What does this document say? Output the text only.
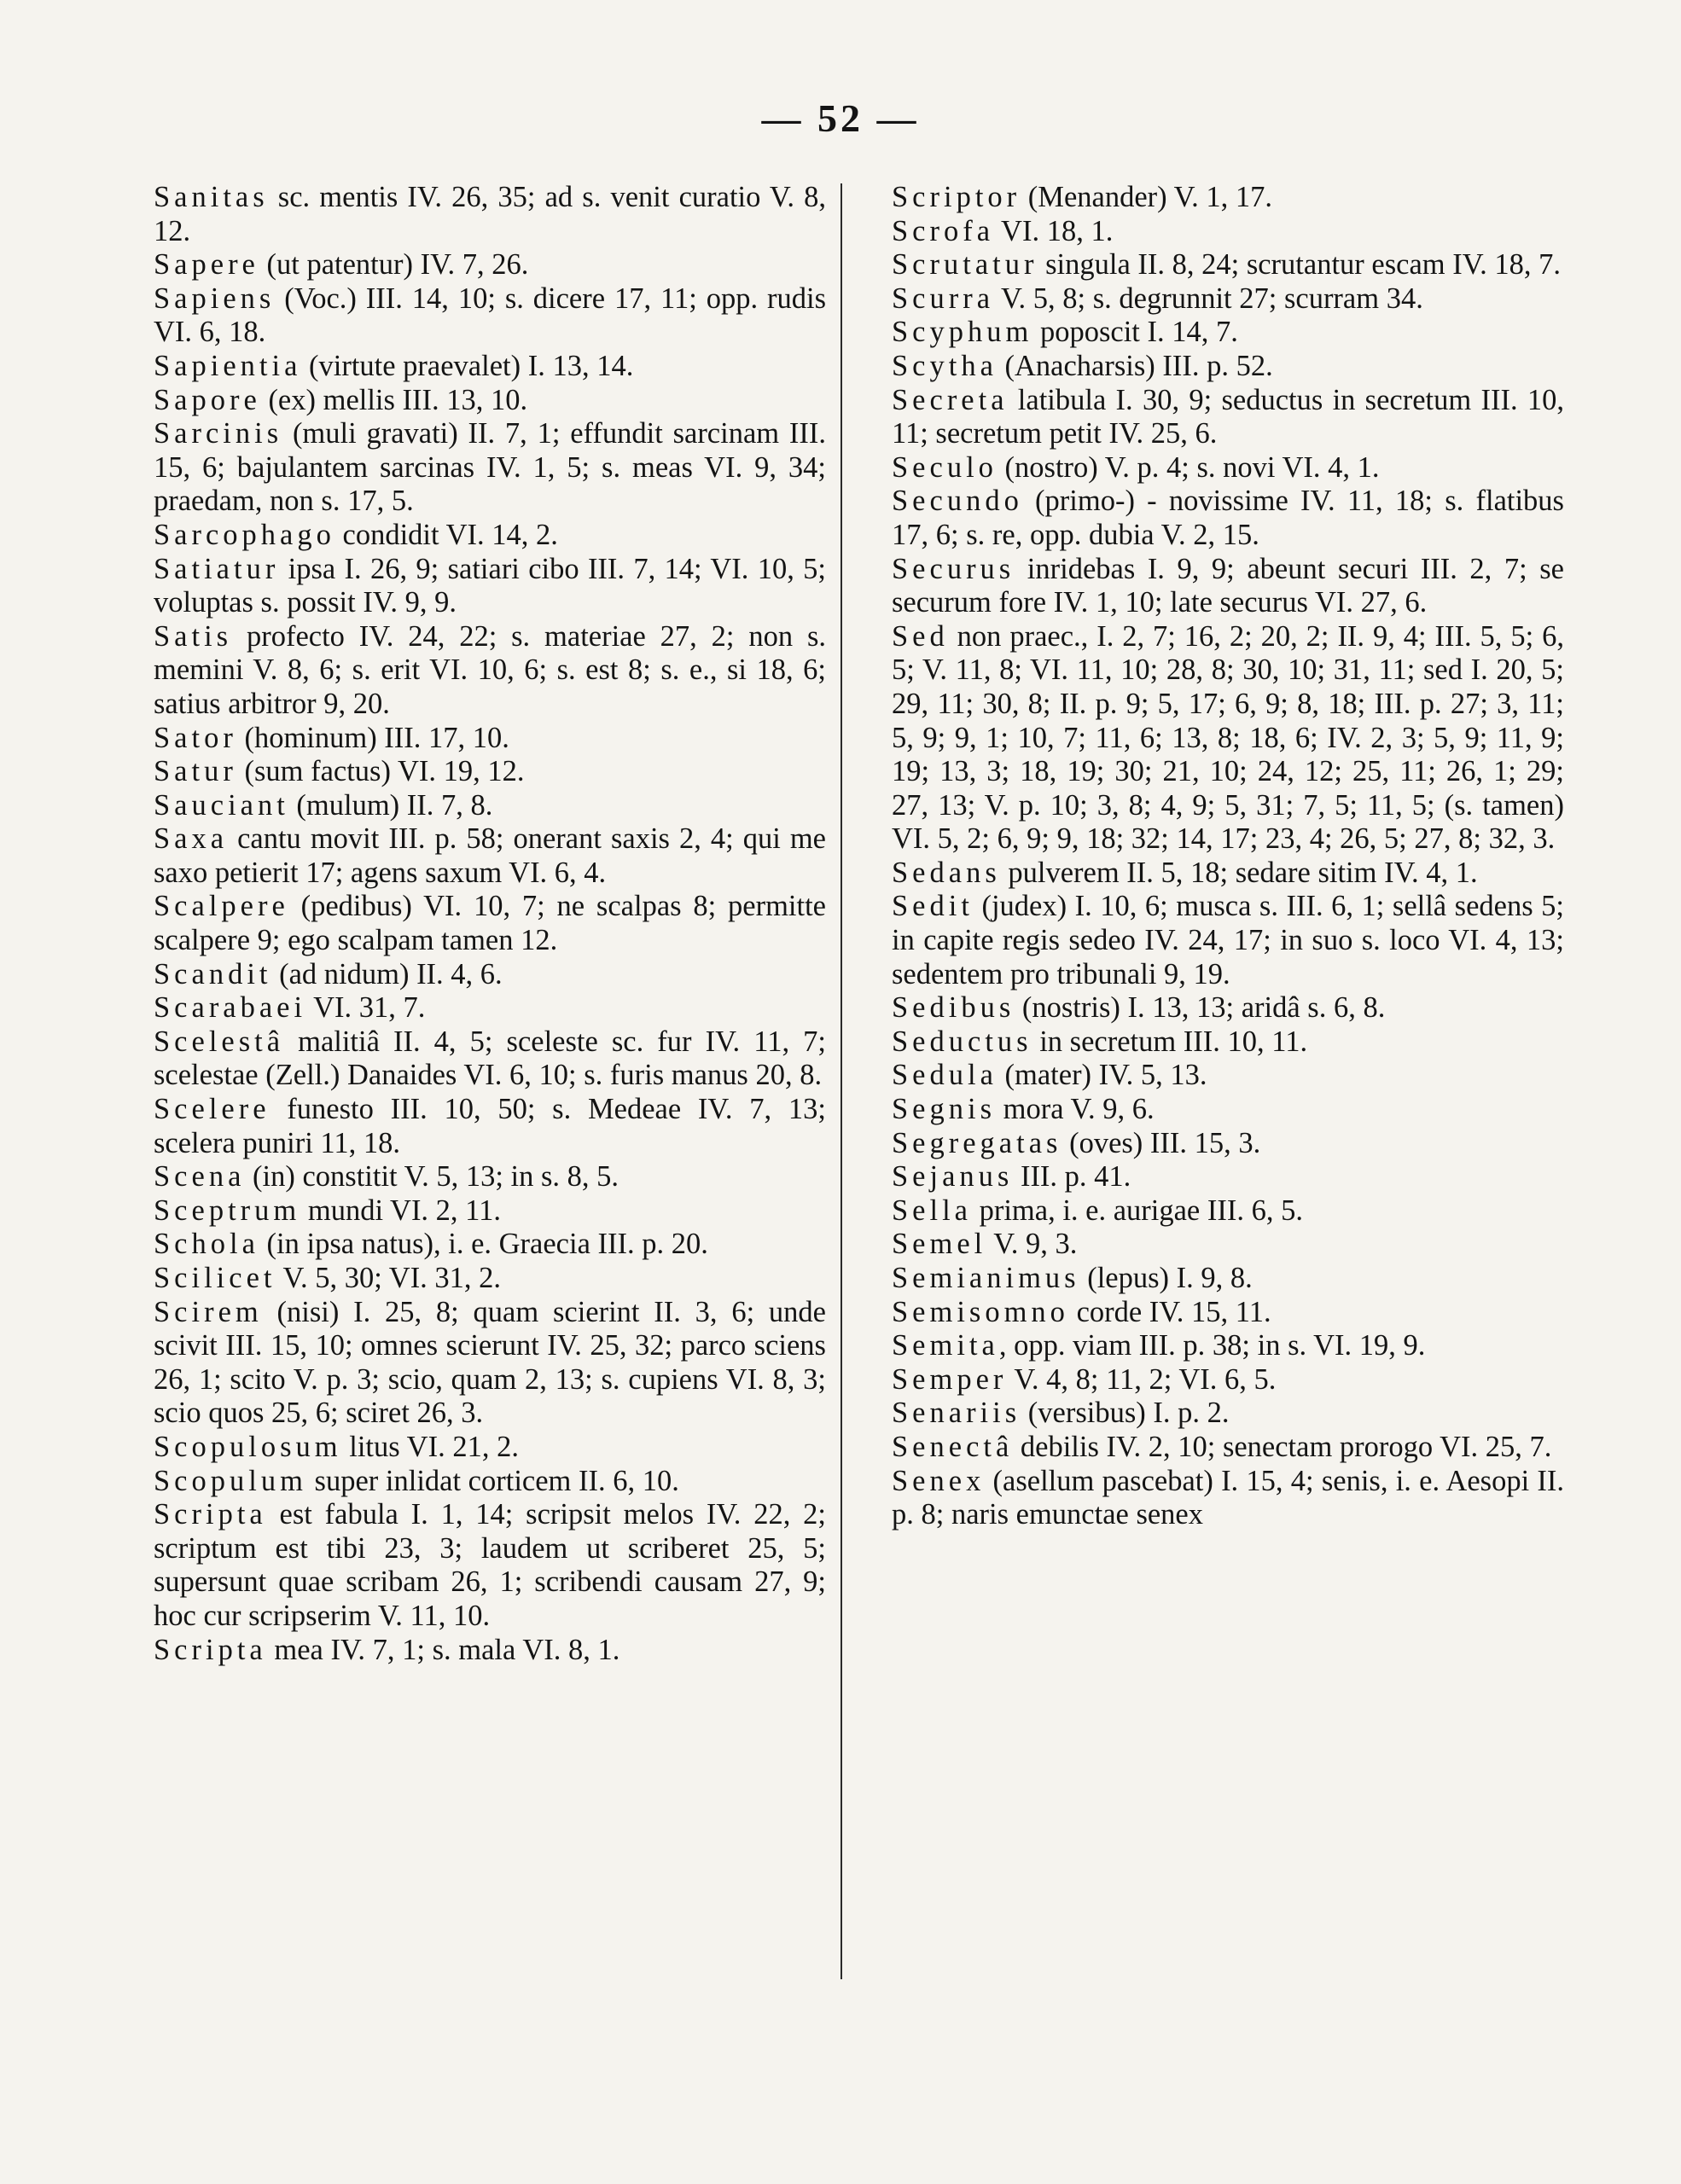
— 52 —

Sanitas sc. mentis IV. 26, 35; ad s. venit curatio V. 8, 12.

Sapere (ut patentur) IV. 7, 26.

Sapiens (Voc.) III. 14, 10; s. dicere 17, 11; opp. rudis VI. 6, 18.

Sapientia (virtute praevalet) I. 13, 14.

Sapore (ex) mellis III. 13, 10.

Sarcinis (muli gravati) II. 7, 1; effundit sarcinam III. 15, 6; bajulantem sarcinas IV. 1, 5; s. meas VI. 9, 34; praedam, non s. 17, 5.

Sarcophago condidit VI. 14, 2.

Satiatur ipsa I. 26, 9; satiari cibo III. 7, 14; VI. 10, 5; voluptas s. possit IV. 9, 9.

Satis profecto IV. 24, 22; s. materiae 27, 2; non s. memini V. 8, 6; s. erit VI. 10, 6; s. est 8; s. e., si 18, 6; satius arbitror 9, 20.

Sator (hominum) III. 17, 10.

Satur (sum factus) VI. 19, 12.

Sauciant (mulum) II. 7, 8.

Saxa cantu movit III. p. 58; onerant saxis 2, 4; qui me saxo petierit 17; agens saxum VI. 6, 4.

Scalpere (pedibus) VI. 10, 7; ne scalpas 8; permitte scalpere 9; ego scalpam tamen 12.

Scandit (ad nidum) II. 4, 6.

Scarabaei VI. 31, 7.

Scelestâ malitiâ II. 4, 5; sceleste sc. fur IV. 11, 7; scelestae (Zell.) Danaides VI. 6, 10; s. furis manus 20, 8.

Scelere funesto III. 10, 50; s. Medeae IV. 7, 13; scelera puniri 11, 18.

Scena (in) constitit V. 5, 13; in s. 8, 5.

Sceptrum mundi VI. 2, 11.

Schola (in ipsa natus), i. e. Graecia III. p. 20.

Scilicet V. 5, 30; VI. 31, 2.

Scirem (nisi) I. 25, 8; quam scierint II. 3, 6; unde scivit III. 15, 10; omnes scierunt IV. 25, 32; parco sciens 26, 1; scito V. p. 3; scio, quam 2, 13; s. cupiens VI. 8, 3; scio quos 25, 6; sciret 26, 3.

Scopulosum litus VI. 21, 2.

Scopulum super inlidat corticem II. 6, 10.

Scripta est fabula I. 1, 14; scripsit melos IV. 22, 2; scriptum est tibi 23, 3; laudem ut scriberet 25, 5; supersunt quae scribam 26, 1; scribendi causam 27, 9; hoc cur scripserim V. 11, 10.

Scripta mea IV. 7, 1; s. mala VI. 8, 1.

Scriptor (Menander) V. 1, 17.

Scrofa VI. 18, 1.

Scrutatur singula II. 8, 24; scrutantur escam IV. 18, 7.

Scurra V. 5, 8; s. degrunnit 27; scurram 34.

Scyphum poposcit I. 14, 7.

Scytha (Anacharsis) III. p. 52.

Secreta latibula I. 30, 9; seductus in secretum III. 10, 11; secretum petit IV. 25, 6.

Seculo (nostro) V. p. 4; s. novi VI. 4, 1.

Secundo (primo-) - novissime IV. 11, 18; s. flatibus 17, 6; s. re, opp. dubia V. 2, 15.

Securus inridebas I. 9, 9; abeunt securi III. 2, 7; se securum fore IV. 1, 10; late securus VI. 27, 6.

Sed non praec., I. 2, 7; 16, 2; 20, 2; II. 9, 4; III. 5, 5; 6, 5; V. 11, 8; VI. 11, 10; 28, 8; 30, 10; 31, 11; sed I. 20, 5; 29, 11; 30, 8; II. p. 9; 5, 17; 6, 9; 8, 18; III. p. 27; 3, 11; 5, 9; 9, 1; 10, 7; 11, 6; 13, 8; 18, 6; IV. 2, 3; 5, 9; 11, 9; 19; 13, 3; 18, 19; 30; 21, 10; 24, 12; 25, 11; 26, 1; 29; 27, 13; V. p. 10; 3, 8; 4, 9; 5, 31; 7, 5; 11, 5; (s. tamen) VI. 5, 2; 6, 9; 9, 18; 32; 14, 17; 23, 4; 26, 5; 27, 8; 32, 3.

Sedans pulverem II. 5, 18; sedare sitim IV. 4, 1.

Sedit (judex) I. 10, 6; musca s. III. 6, 1; sellâ sedens 5; in capite regis sedeo IV. 24, 17; in suo s. loco VI. 4, 13; sedentem pro tribunali 9, 19.

Sedibus (nostris) I. 13, 13; aridâ s. 6, 8.

Seductus in secretum III. 10, 11.

Sedula (mater) IV. 5, 13.

Segnis mora V. 9, 6.

Segregatas (oves) III. 15, 3.

Sejanus III. p. 41.

Sella prima, i. e. aurigae III. 6, 5.

Semel V. 9, 3.

Semianimus (lepus) I. 9, 8.

Semisomno corde IV. 15, 11.

Semita, opp. viam III. p. 38; in s. VI. 19, 9.

Semper V. 4, 8; 11, 2; VI. 6, 5.

Senariis (versibus) I. p. 2.

Senectâ debilis IV. 2, 10; senectam prorogo VI. 25, 7.

Senex (asellum pascebat) I. 15, 4; senis, i. e. Aesopi II. p. 8; naris emunctae senex
